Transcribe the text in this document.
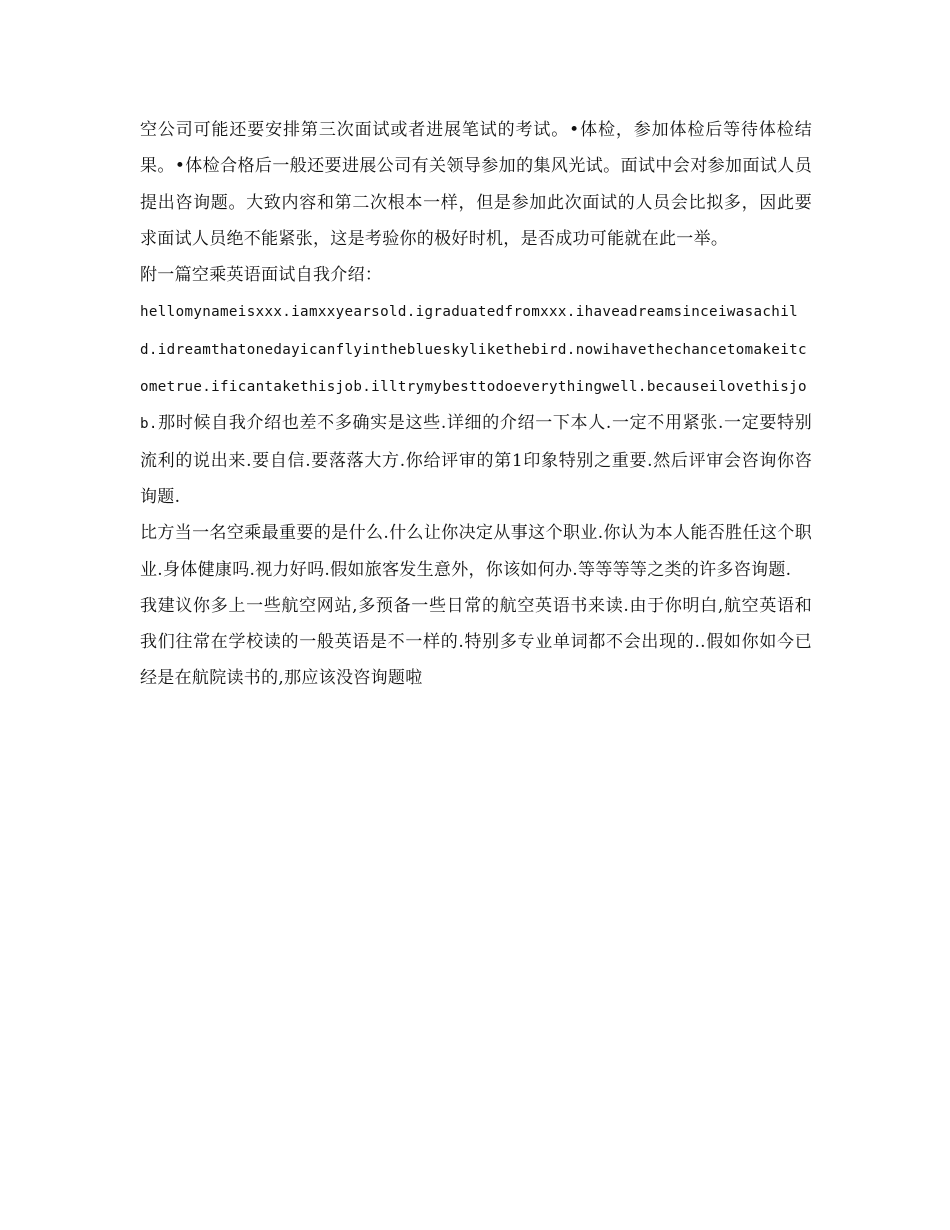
空公司可能还要安排第三次面试或者进展笔试的考试。•体检，参加体检后等待体检结果。•体检合格后一般还要进展公司有关领导参加的集风光试。面试中会对参加面试人员提出咨询题。大致内容和第二次根本一样，但是参加此次面试的人员会比拟多，因此要求面试人员绝不能紧张，这是考验你的极好时机，是否成功可能就在此一举。

附一篇空乘英语面试自我介绍：

hellomynameisxxx.iamxxyearsold.igraduatedfromxxx.ihaveadreamsinceiwasachild.idreamthatonedayicanflyintheblueskylikethebird.nowihavethechancetomakeitcometrue.ificantakethisjob.illtrymybesttodoeverythingwell.becauseilovethisjob.那时候自我介绍也差不多确实是这些.详细的介绍一下本人.一定不用紧张.一定要特别流利的说出来.要自信.要落落大方.你给评审的第1印象特别之重要.然后评审会咨询你咨询题.

比方当一名空乘最重要的是什么.什么让你决定从事这个职业.你认为本人能否胜任这个职业.身体健康吗.视力好吗.假如旅客发生意外，你该如何办.等等等等之类的许多咨询题.

我建议你多上一些航空网站,多预备一些日常的航空英语书来读.由于你明白,航空英语和我们往常在学校读的一般英语是不一样的.特别多专业单词都不会出现的..假如你如今已经是在航院读书的,那应该没咨询题啦
